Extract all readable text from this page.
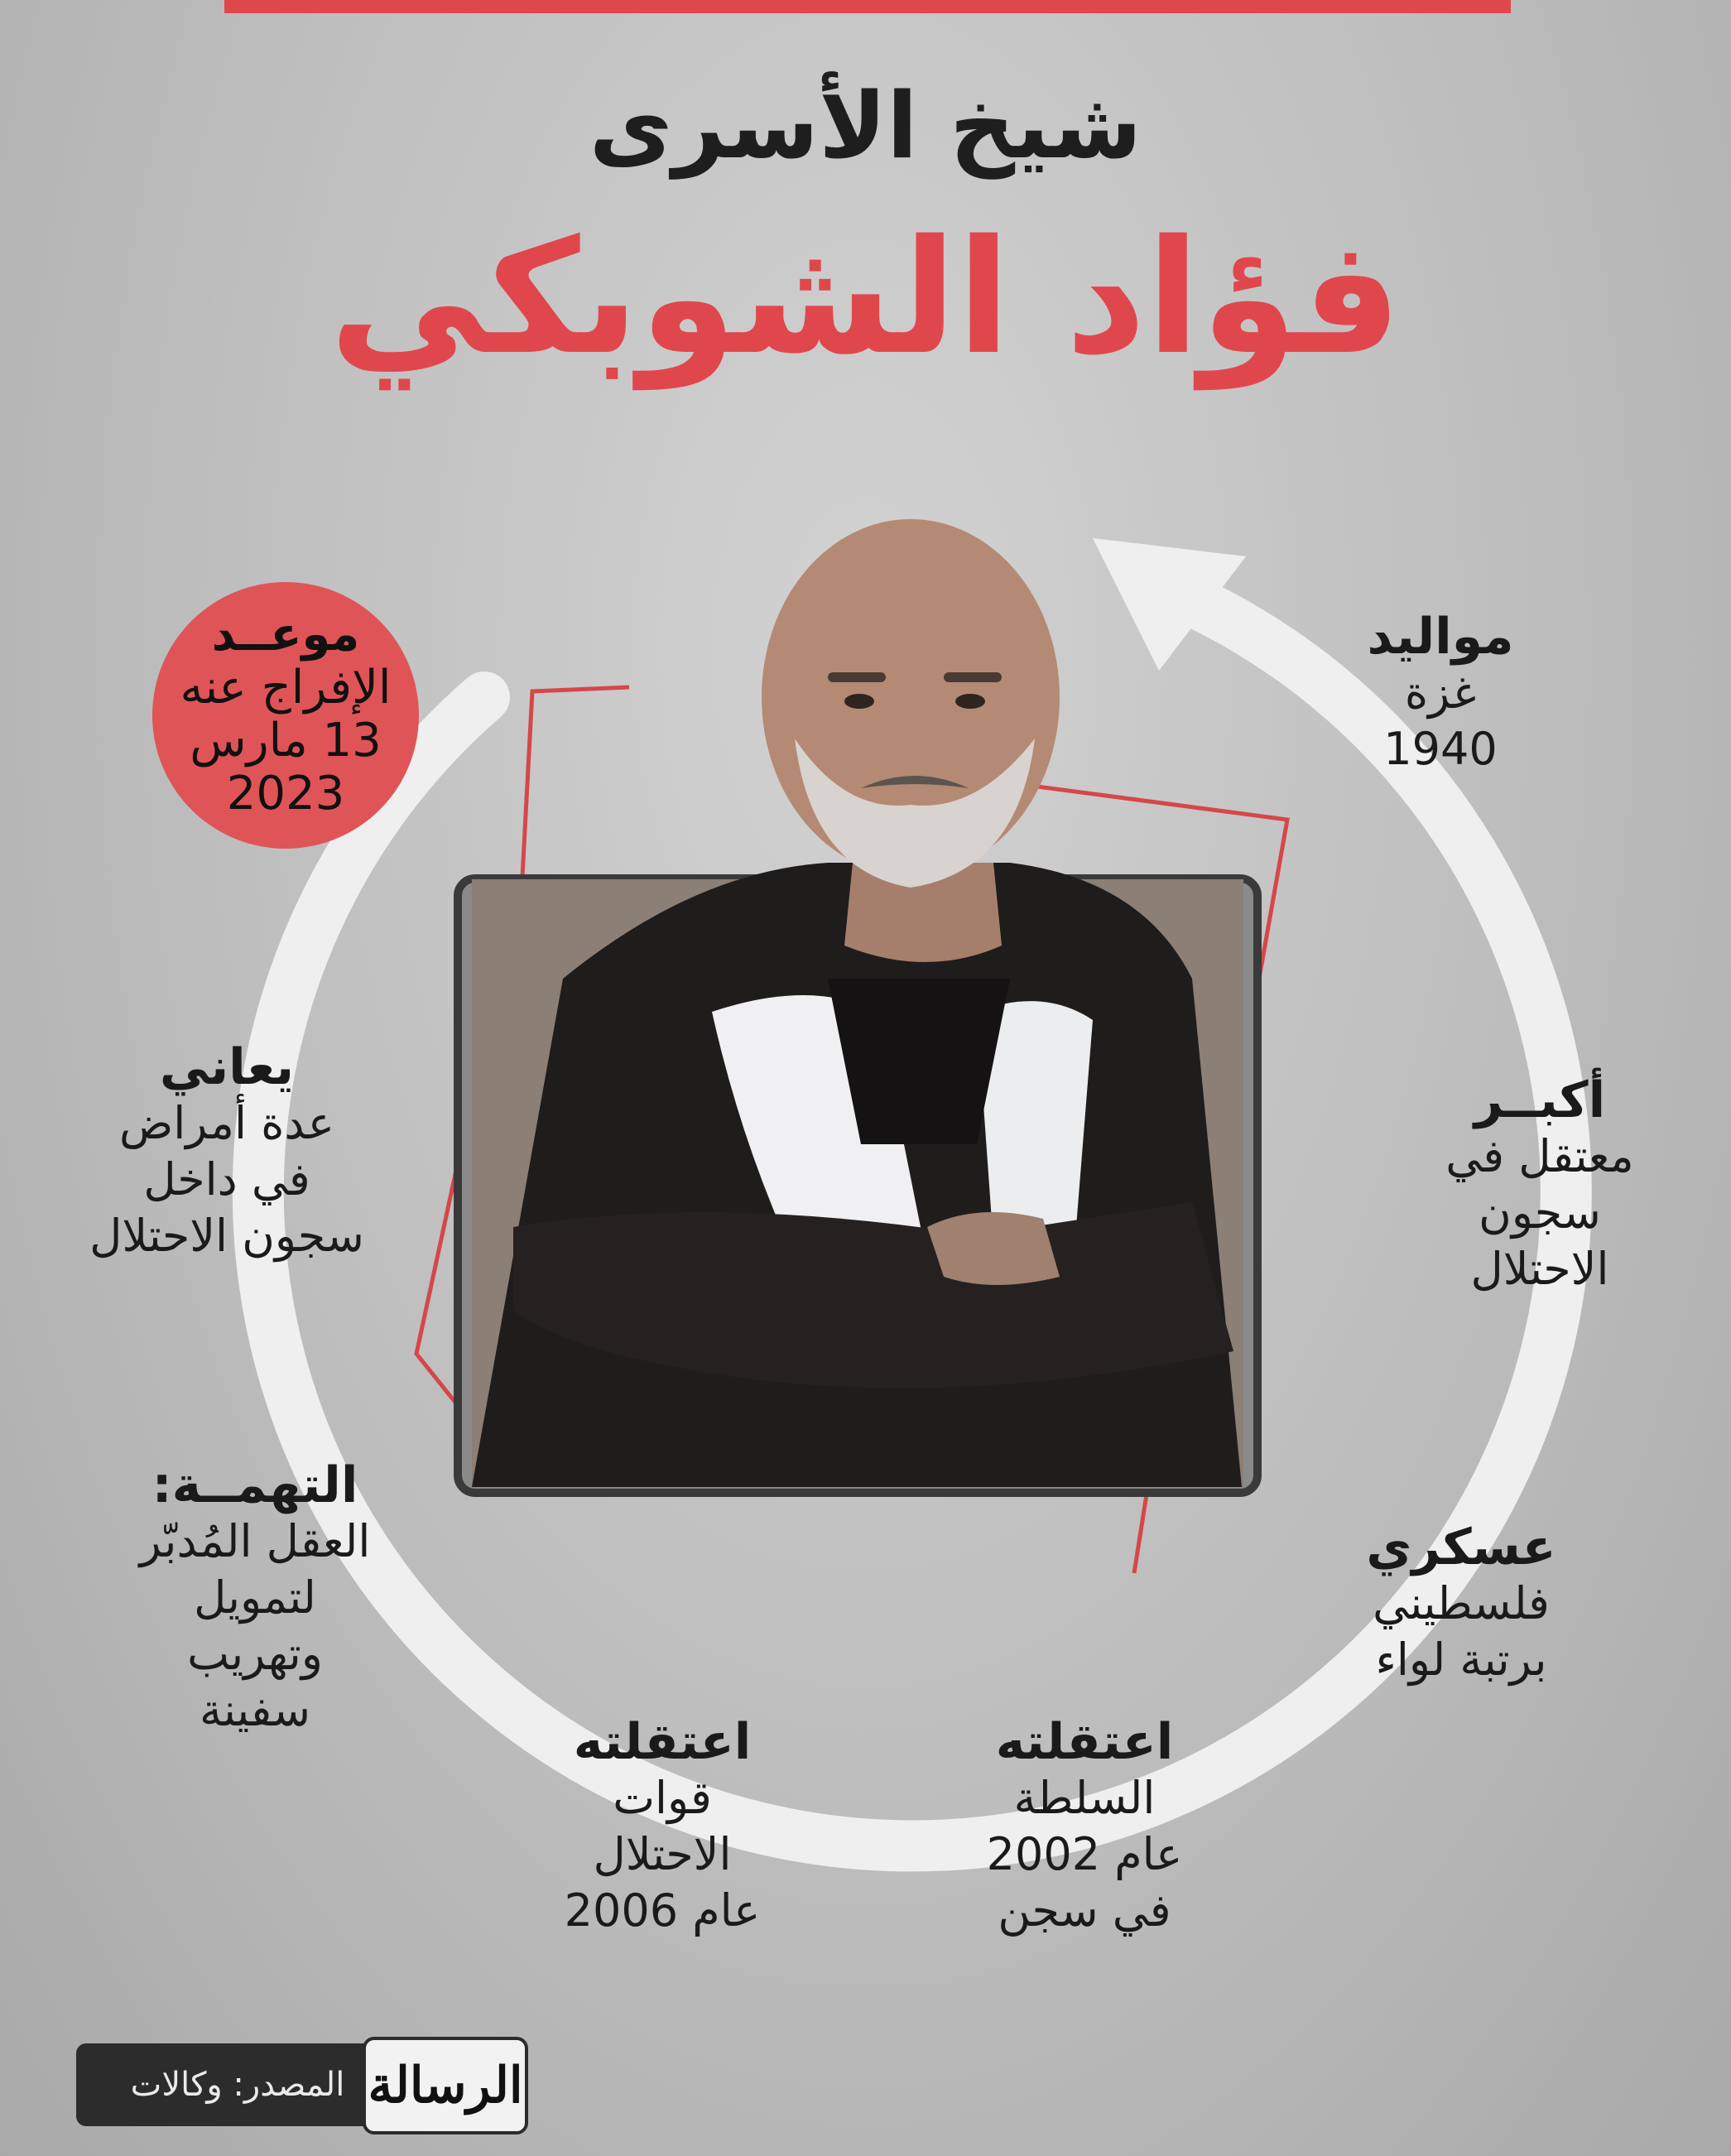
شيخ الأسرى
فؤاد الشوبكي
موعــد
الإفراج عنه
13 مارس
2023
يعاني
عدة أمراض
في داخل
سجون الاحتلال
التهمــة:
العقل المُدبّر
لتمويل
وتهريب
سفينة
مواليد
غزة
1940
أكبــر
معتقل في
سجون
الاحتلال
عسكري
فلسطيني
برتبة لواء
اعتقلته
السلطة
عام 2002
في سجن
اعتقلته
قوات
الاحتلال
عام 2006
المصدر: وكالات الرسالة
